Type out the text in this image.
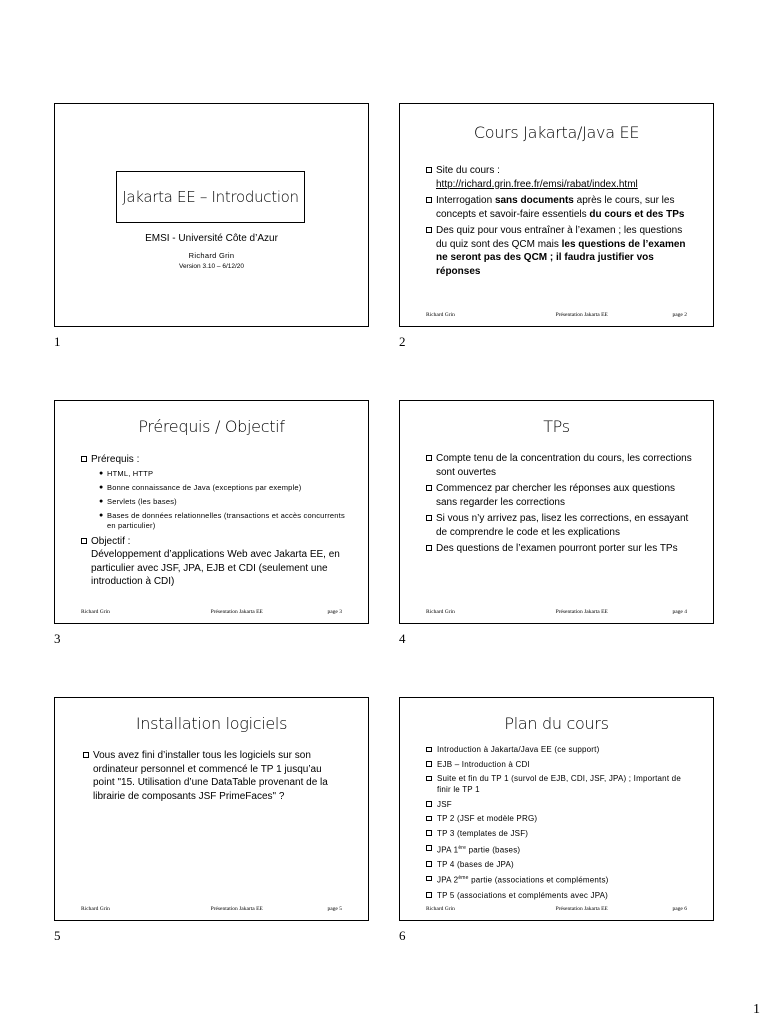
Jakarta EE – Introduction
EMSI - Université Côte d’Azur
Richard Grin
Version 3.10 – 6/12/20
1
Cours Jakarta/Java EE
Site du cours :
http://richard.grin.free.fr/emsi/rabat/index.html
Interrogation sans documents après le cours, sur les concepts et savoir-faire essentiels du cours et des TPs
Des quiz pour vous entraîner à l’examen ; les questions du quiz sont des QCM mais les questions de l’examen ne seront pas des QCM ; il faudra justifier vos réponses
Richard Grin	Présentation Jakarta EE	page 2
2
Prérequis / Objectif
Prérequis :
● HTML, HTTP
● Bonne connaissance de Java (exceptions par exemple)
● Servlets (les bases)
● Bases de données relationnelles (transactions et accès concurrents en particulier)
Objectif :
Développement d’applications Web avec Jakarta EE, en particulier avec JSF, JPA, EJB et CDI (seulement une introduction à CDI)
Richard Grin	Présentation Jakarta EE	page 3
3
TPs
Compte tenu de la concentration du cours, les corrections sont ouvertes
Commencez par chercher les réponses aux questions sans regarder les corrections
Si vous n’y arrivez pas, lisez les corrections, en essayant de comprendre le code et les explications
Des questions de l’examen pourront porter sur les TPs
Richard Grin	Présentation Jakarta EE	page 4
4
Installation logiciels
Vous avez fini d’installer tous les logiciels sur son ordinateur personnel et commencé le TP 1 jusqu’au point "15. Utilisation d’une DataTable provenant de la librairie de composants JSF PrimeFaces" ?
Richard Grin	Présentation Jakarta EE	page 5
5
Plan du cours
Introduction à Jakarta/Java EE (ce support)
EJB – Introduction à CDI
Suite et fin du TP 1 (survol de EJB, CDI, JSF, JPA) ; Important de finir le TP 1
JSF
TP 2 (JSF et modèle PRG)
TP 3 (templates de JSF)
JPA 1ère partie (bases)
TP 4 (bases de JPA)
JPA 2ème partie (associations et compléments)
TP 5 (associations et compléments avec JPA)
Richard Grin	Présentation Jakarta EE	page 6
6
1
